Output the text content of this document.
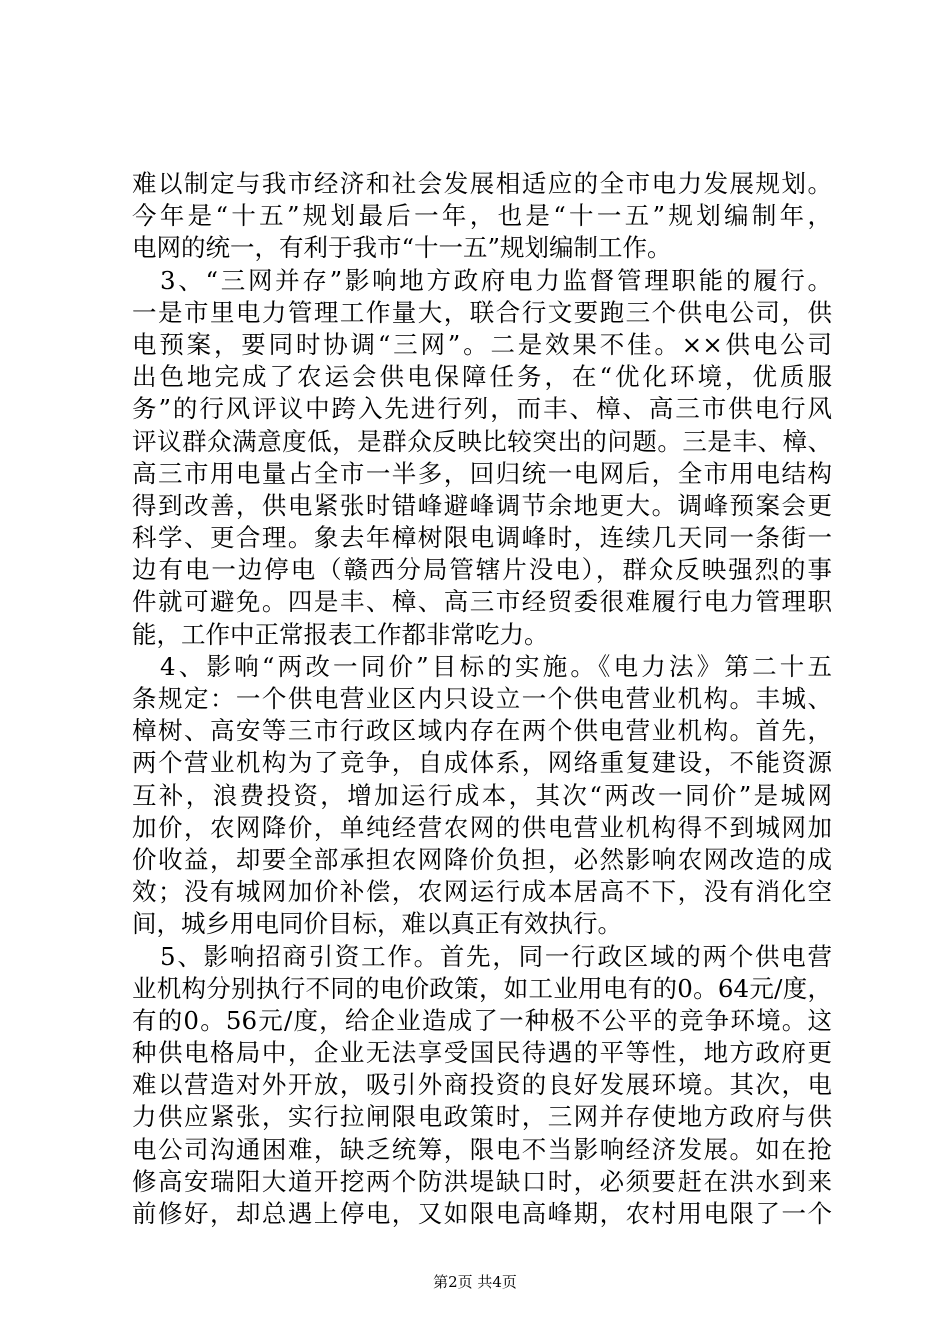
难以制定与我市经济和社会发展相适应的全市电力发展规划。
今年是“十五”规划最后一年，也是“十一五”规划编制年，
电网的统一，有利于我市“十一五”规划编制工作。
3、“三网并存”影响地方政府电力监督管理职能的履行。
一是市里电力管理工作量大，联合行文要跑三个供电公司，供
电预案，要同时协调“三网”。二是效果不佳。××供电公司
出色地完成了农运会供电保障任务，在“优化环境，优质服
务”的行风评议中跨入先进行列，而丰、樟、高三市供电行风
评议群众满意度低，是群众反映比较突出的问题。三是丰、樟、
高三市用电量占全市一半多，回归统一电网后，全市用电结构
得到改善，供电紧张时错峰避峰调节余地更大。调峰预案会更
科学、更合理。象去年樟树限电调峰时，连续几天同一条街一
边有电一边停电（赣西分局管辖片没电），群众反映强烈的事
件就可避免。四是丰、樟、高三市经贸委很难履行电力管理职
能，工作中正常报表工作都非常吃力。
4、影响“两改一同价”目标的实施。《电力法》第二十五
条规定：一个供电营业区内只设立一个供电营业机构。丰城、
樟树、高安等三市行政区域内存在两个供电营业机构。首先，
两个营业机构为了竞争，自成体系，网络重复建设，不能资源
互补，浪费投资，增加运行成本，其次“两改一同价”是城网
加价，农网降价，单纯经营农网的供电营业机构得不到城网加
价收益，却要全部承担农网降价负担，必然影响农网改造的成
效；没有城网加价补偿，农网运行成本居高不下，没有消化空
间，城乡用电同价目标，难以真正有效执行。
5、影响招商引资工作。首先，同一行政区域的两个供电营
业机构分别执行不同的电价政策，如工业用电有的0。64元/度，
有的0。56元/度，给企业造成了一种极不公平的竞争环境。这
种供电格局中，企业无法享受国民待遇的平等性，地方政府更
难以营造对外开放，吸引外商投资的良好发展环境。其次，电
力供应紧张，实行拉闸限电政策时，三网并存使地方政府与供
电公司沟通困难，缺乏统筹，限电不当影响经济发展。如在抢
修高安瑞阳大道开挖两个防洪堤缺口时，必须要赶在洪水到来
前修好，却总遇上停电，又如限电高峰期，农村用电限了一个
第2页 共4页
